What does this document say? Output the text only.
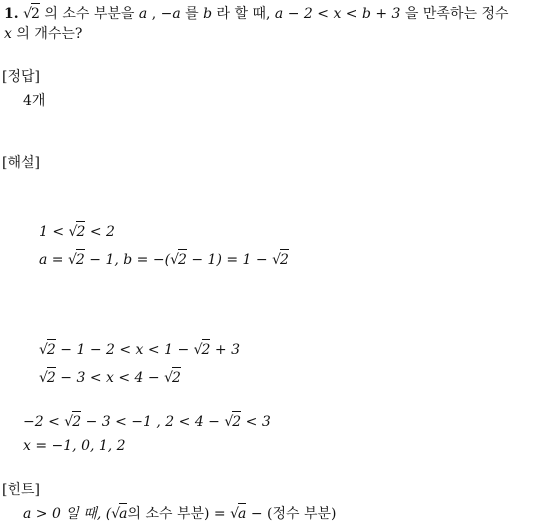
1. √2 의 소수 부분을 a , −a 를 b 라 할 때, a − 2 < x < b + 3 을 만족하는 정수
x 의 개수는?
[정답]
4개
[해설]
1 < √2 < 2
a = √2 − 1, b = −(√2 − 1) = 1 − √2
√2 − 1 − 2 < x < 1 − √2 + 3
√2 − 3 < x < 4 − √2
−2 < √2 − 3 < −1 , 2 < 4 − √2 < 3
x = −1, 0, 1, 2
[힌트]
a > 0 일 때, (√a의 소수 부분) = √a − (정수 부분)
